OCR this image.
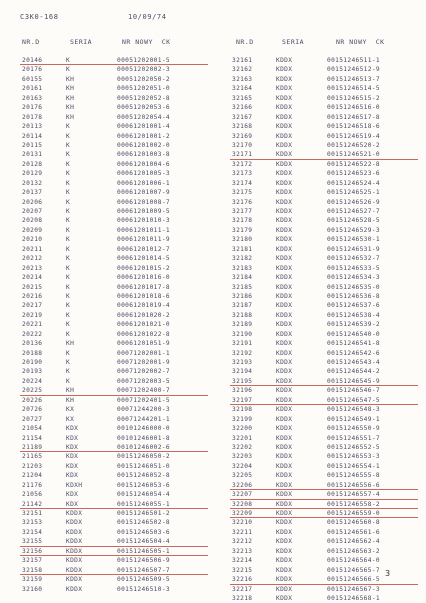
C3K0-168

	10/09/74

NR.D	SERIA	NR NOWY  CK	NR.D	SERIA	NR NOWY  CK
20146	K	00051202001-5
20176	K	00051202002-3
60155	KH	00051202050-2
20161	KH	00051202051-0
20163	KH	00051202052-8
20176	KH	00051202053-6
20178	KH	00051202054-4
20113	K	00061201001-4
20114	K	00061201001-2
20115	K	00061201002-0
20131	K	00061201003-8
20128	K	00061201004-6
20129	K	00061201005-3
20132	K	00061201006-1
20137	K	00061201007-9
20206	K	00061201008-7
20207	K	00061201009-5
20208	K	00061201010-3
20209	K	00061201011-1
20210	K	00061201011-9
20211	K	00061201012-7
20212	K	00061201014-5
20213	K	00061201015-2
20214	K	00061201016-0
20215	K	00061201017-8
20216	K	00061201018-6
20217	K	00061201019-4
20219	K	00061201020-2
20221	K	00061201021-0
20222	K	00061201022-8
20136	KH	00061201051-9
20188	K	00071202001-1
20190	K	00071202001-9
20193	K	00071202002-7
20224	K	00071202003-5
20225	KH	00071202400-7
20226	KH	00071202401-5
20726	KX	00071244200-3
20727	KX	00071244201-1
21054	KDX	00101246000-0
21154	KDX	00101246001-8
21189	KDX	00101246002-6
21165	KDX	00151246050-2
21203	KDX	00151246051-0
21204	KDX	00151246052-8
21176	KDXH	00151246053-6
21056	KDX	00151246054-4
21142	KDX	00151246055-1
32151	KDDX	00151246501-2
32153	KDDX	00151246502-8
32154	KDDX	00151246503-6
32155	KDDX	00151246504-4
32156	KDDX	00151246505-1
32157	KDDX	00151246506-9
32158	KDDX	00151246507-7
32159	KDDX	00151246509-5
32160	KDDX	00151246510-3
32161	KDDX	00151246511-1
32162	KDDX	00151246512-9
32163	KDDX	00151246513-7
32164	KDDX	00151246514-5
32165	KDDX	00151246515-2
32166	KDDX	00151246516-0
32167	KDDX	00151246517-8
32168	KDDX	00151246518-6
32169	KDDX	00151246519-4
32170	KDDX	00151246520-2
32171	KDDX	00151246521-0
32172	KDDX	00151246522-8
32173	KDDX	00151246523-6
32174	KDDX	00151246524-4
32175	KDDX	00151246525-1
32176	KDDX	00151246526-9
32177	KDDX	00151246527-7
32178	KDDX	00151246528-5
32179	KDDX	00151246529-3
32180	KDDX	00151246530-1
32181	KDDX	00151246531-9
32182	KDDX	00151246532-7
32183	KDDX	00151246533-5
32184	KDDX	00151246534-3
32185	KDDX	00151246535-0
32186	KDDX	00151246536-8
32187	KDDX	00151246537-6
32188	KDDX	00151246538-4
32189	KDDX	00151246539-2
32190	KDDX	00151246540-0
32191	KDDX	00151246541-8
32192	KDDX	00151246542-6
32193	KDDX	00151246543-4
32194	KDDX	00151246544-2
32195	KDDX	00151246545-9
32196	KDDX	00151246546-7
32197	KDDX	00151246547-5
32198	KDDX	00151246548-3
32199	KDDX	00151246549-1
32200	KDDX	00151246550-9
32201	KDDX	00151246551-7
32202	KDDX	00151246552-5
32203	KDDX	00151246553-3
32204	KDDX	00151246554-1
32205	KDDX	00151246555-8
32206	KDDX	00151246556-6
32207	KDDX	00151246557-4
32208	KDDX	00151246558-2
32209	KDDX	00151246559-0
32210	KDDX	00151246560-8
32211	KDDX	00151246561-6
32212	KDDX	00151246562-4
32213	KDDX	00151246563-2
32214	KDDX	00151246564-0
32215	KDDX	00151246565-7
32216	KDDX	00151246566-5
32217	KDDX	00151246567-3
32218	KDDX	00151246568-1
3
